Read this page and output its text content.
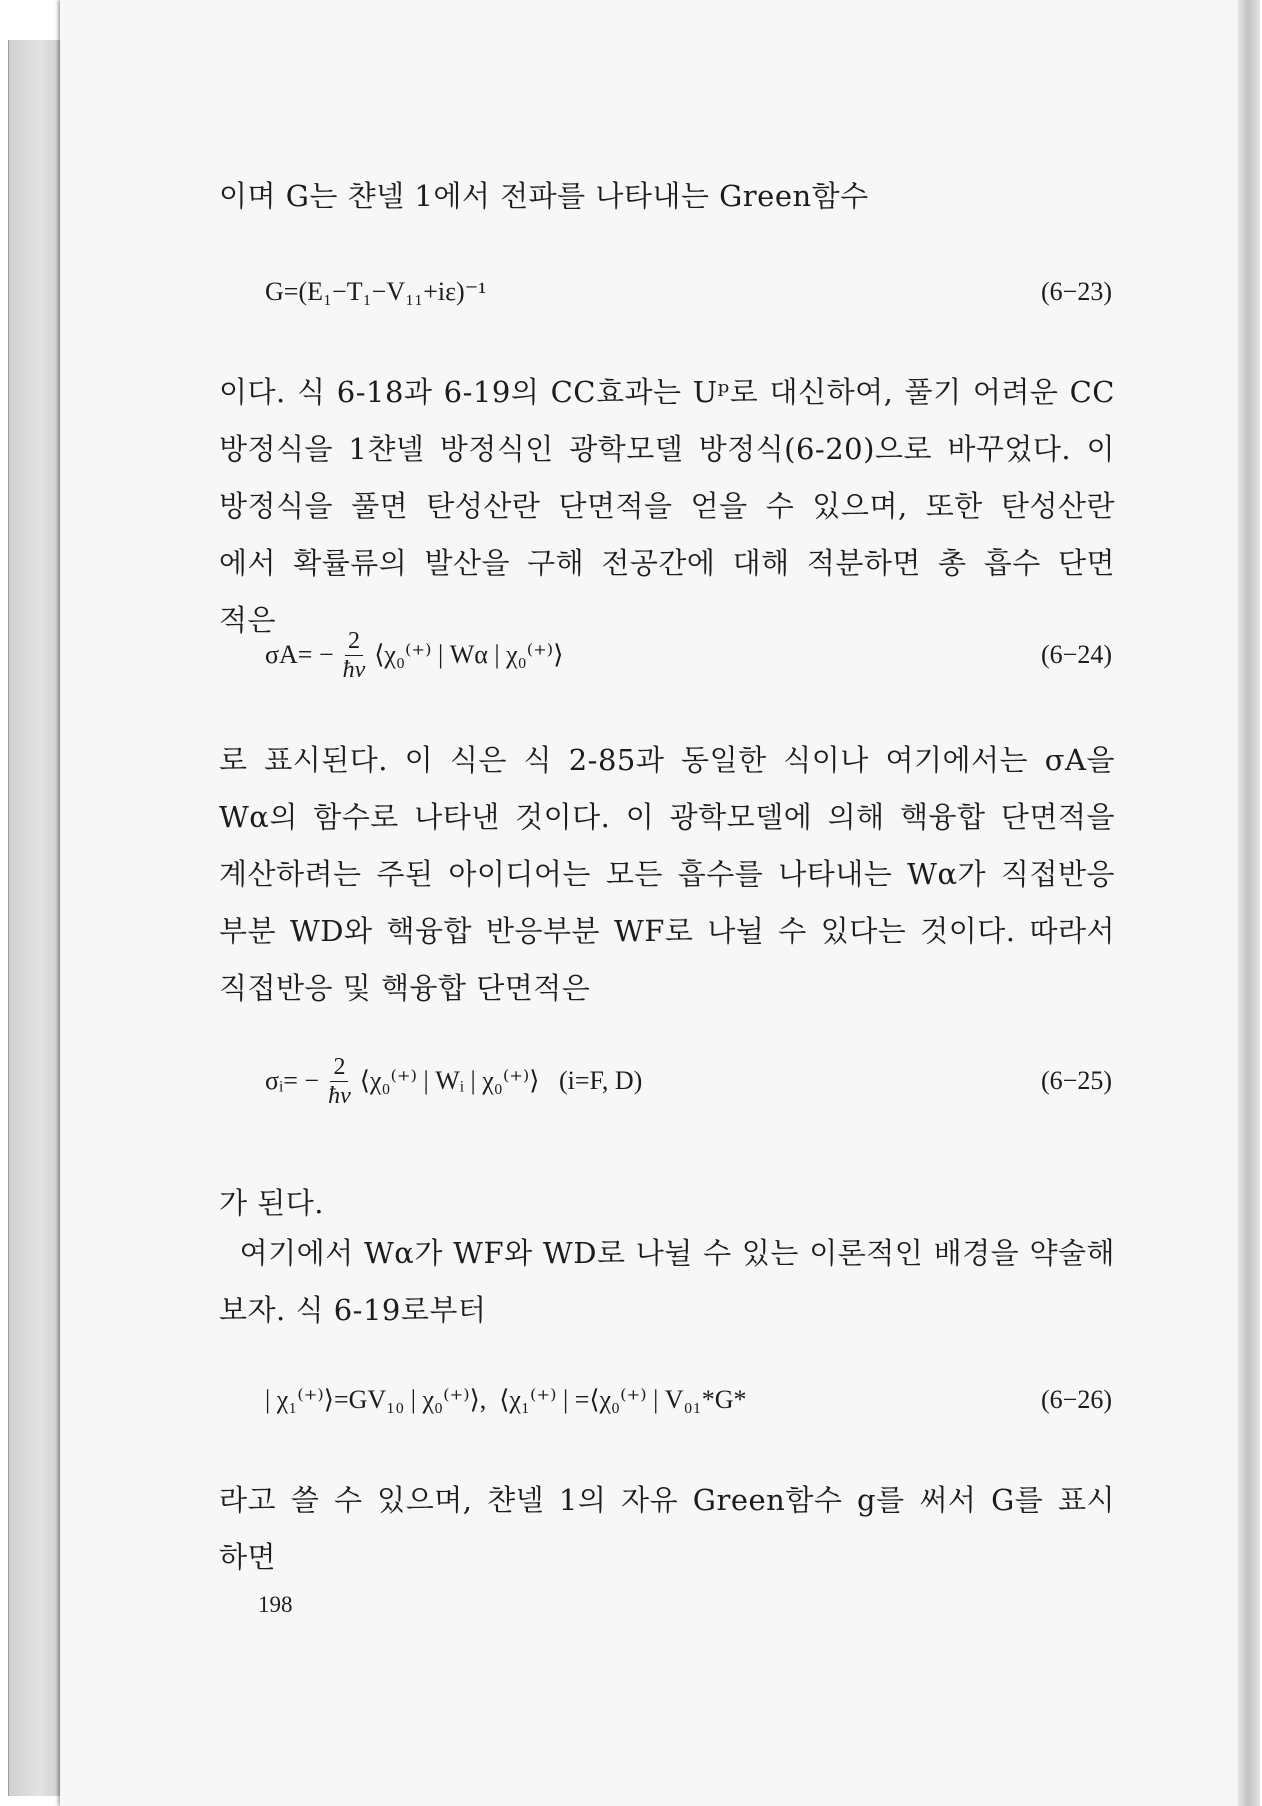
이며 G는 챤넬 1에서 전파를 나타내는 Green함수
G=(E₁−T₁−V₁₁+iε)⁻¹	(6−23)
이다. 식 6-18과 6-19의 CC효과는 Uᵖ로 대신하여, 풀기 어려운 CC
방정식을 1챤넬 방정식인 광학모델 방정식(6-20)으로 바꾸었다. 이
방정식을 풀면 탄성산란 단면적을 얻을 수 있으며, 또한 탄성산란
에서 확률류의 발산을 구해 전공간에 대해 적분하면 총 흡수 단면
적은
$\sigma A= - \frac{2}{ħv}$ ⟨χ₀⁽⁺⁾ | Wα | χ₀⁽⁺⁾⟩	(6−24)
로 표시된다. 이 식은 식 2-85과 동일한 식이나 여기에서는 σA을
Wα의 함수로 나타낸 것이다. 이 광학모델에 의해 핵융합 단면적을
계산하려는 주된 아이디어는 모든 흡수를 나타내는 Wα가 직접반응
부분 WD와 핵융합 반응부분 WF로 나뉠 수 있다는 것이다. 따라서
직접반응 및 핵융합 단면적은
σᵢ= − $\frac{2}{ħv}$ ⟨χ₀⁽⁺⁾ | Wᵢ | χ₀⁽⁺⁾⟩   (i=F, D)	(6−25)
가 된다.
여기에서 Wα가 WF와 WD로 나뉠 수 있는 이론적인 배경을 약술해
보자. 식 6-19로부터
| χ₁⁽⁺⁾⟩=GV₁₀ | χ₀⁽⁺⁾⟩,  ⟨χ₁⁽⁺⁾ | =⟨χ₀⁽⁺⁾ | V₀₁*G*	(6−26)
라고 쓸 수 있으며, 챤넬 1의 자유 Green함수 g를 써서 G를 표시
하면
198
